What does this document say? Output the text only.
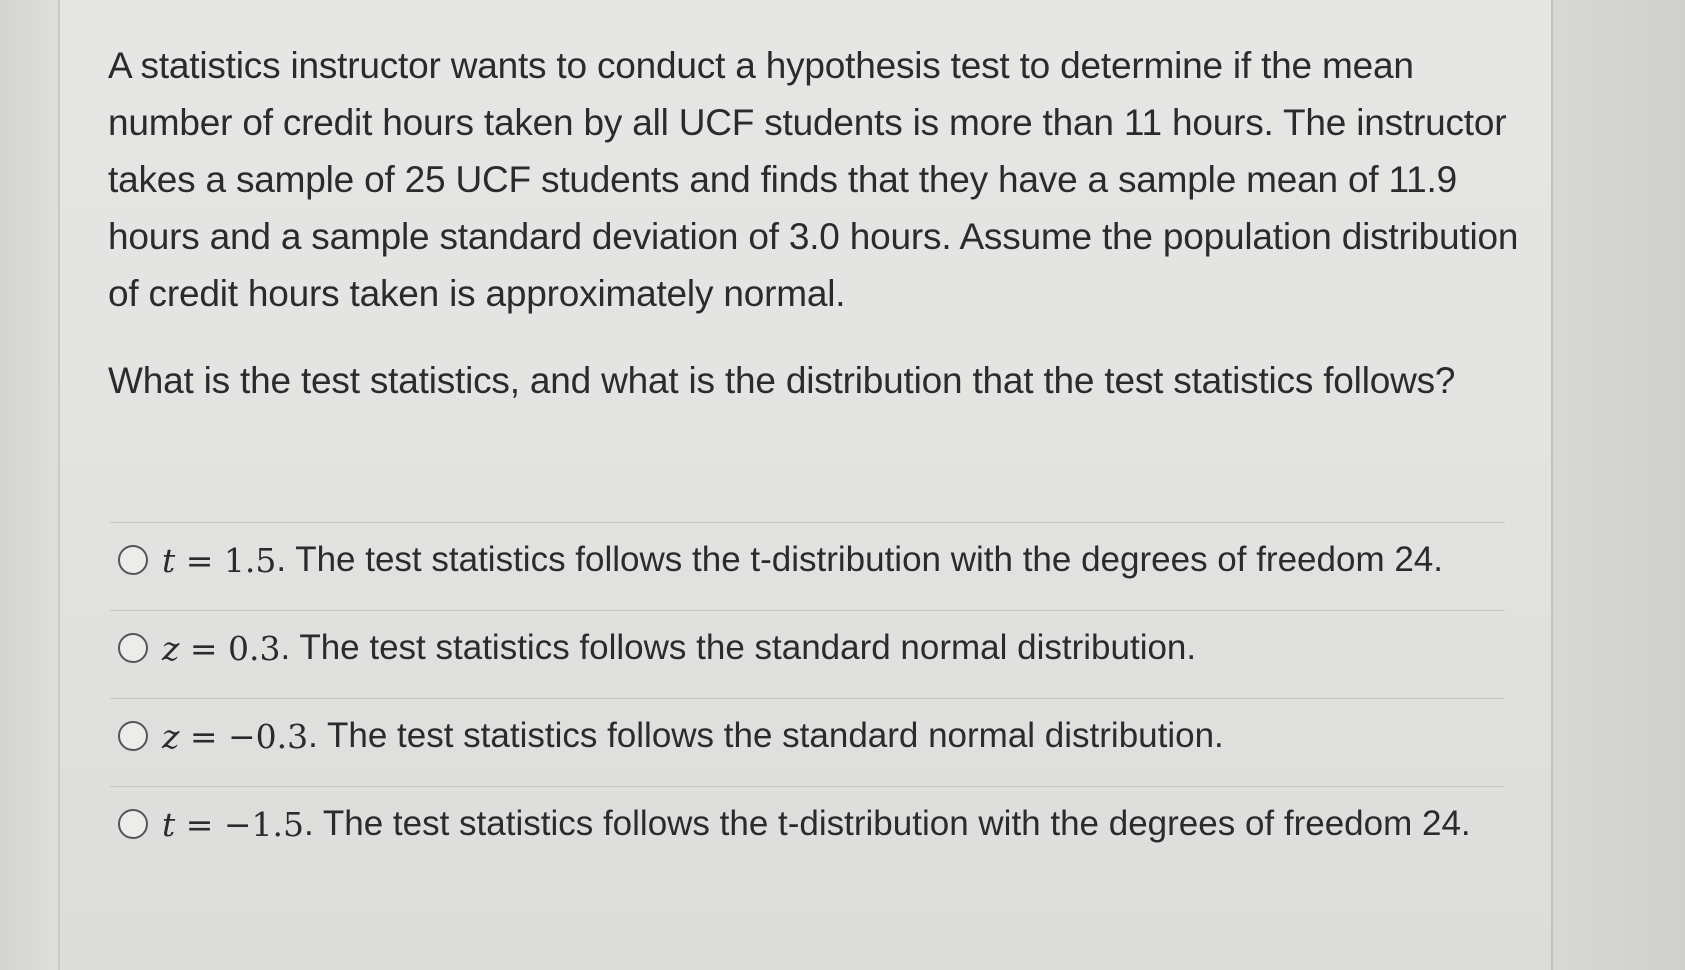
A statistics instructor wants to conduct a hypothesis test to determine if the mean number of credit hours taken by all UCF students is more than 11 hours. The instructor takes a sample of 25 UCF students and finds that they have a sample mean of 11.9 hours and a sample standard deviation of 3.0 hours. Assume the population distribution of credit hours taken is approximately normal.

What is the test statistics, and what is the distribution that the test statistics follows?

t = 1.5 . The test statistics follows the t-distribution with the degrees of freedom 24.
z = 0.3 . The test statistics follows the standard normal distribution.
z = −0.3 . The test statistics follows the standard normal distribution.
t = −1.5 . The test statistics follows the t-distribution with the degrees of freedom 24.
